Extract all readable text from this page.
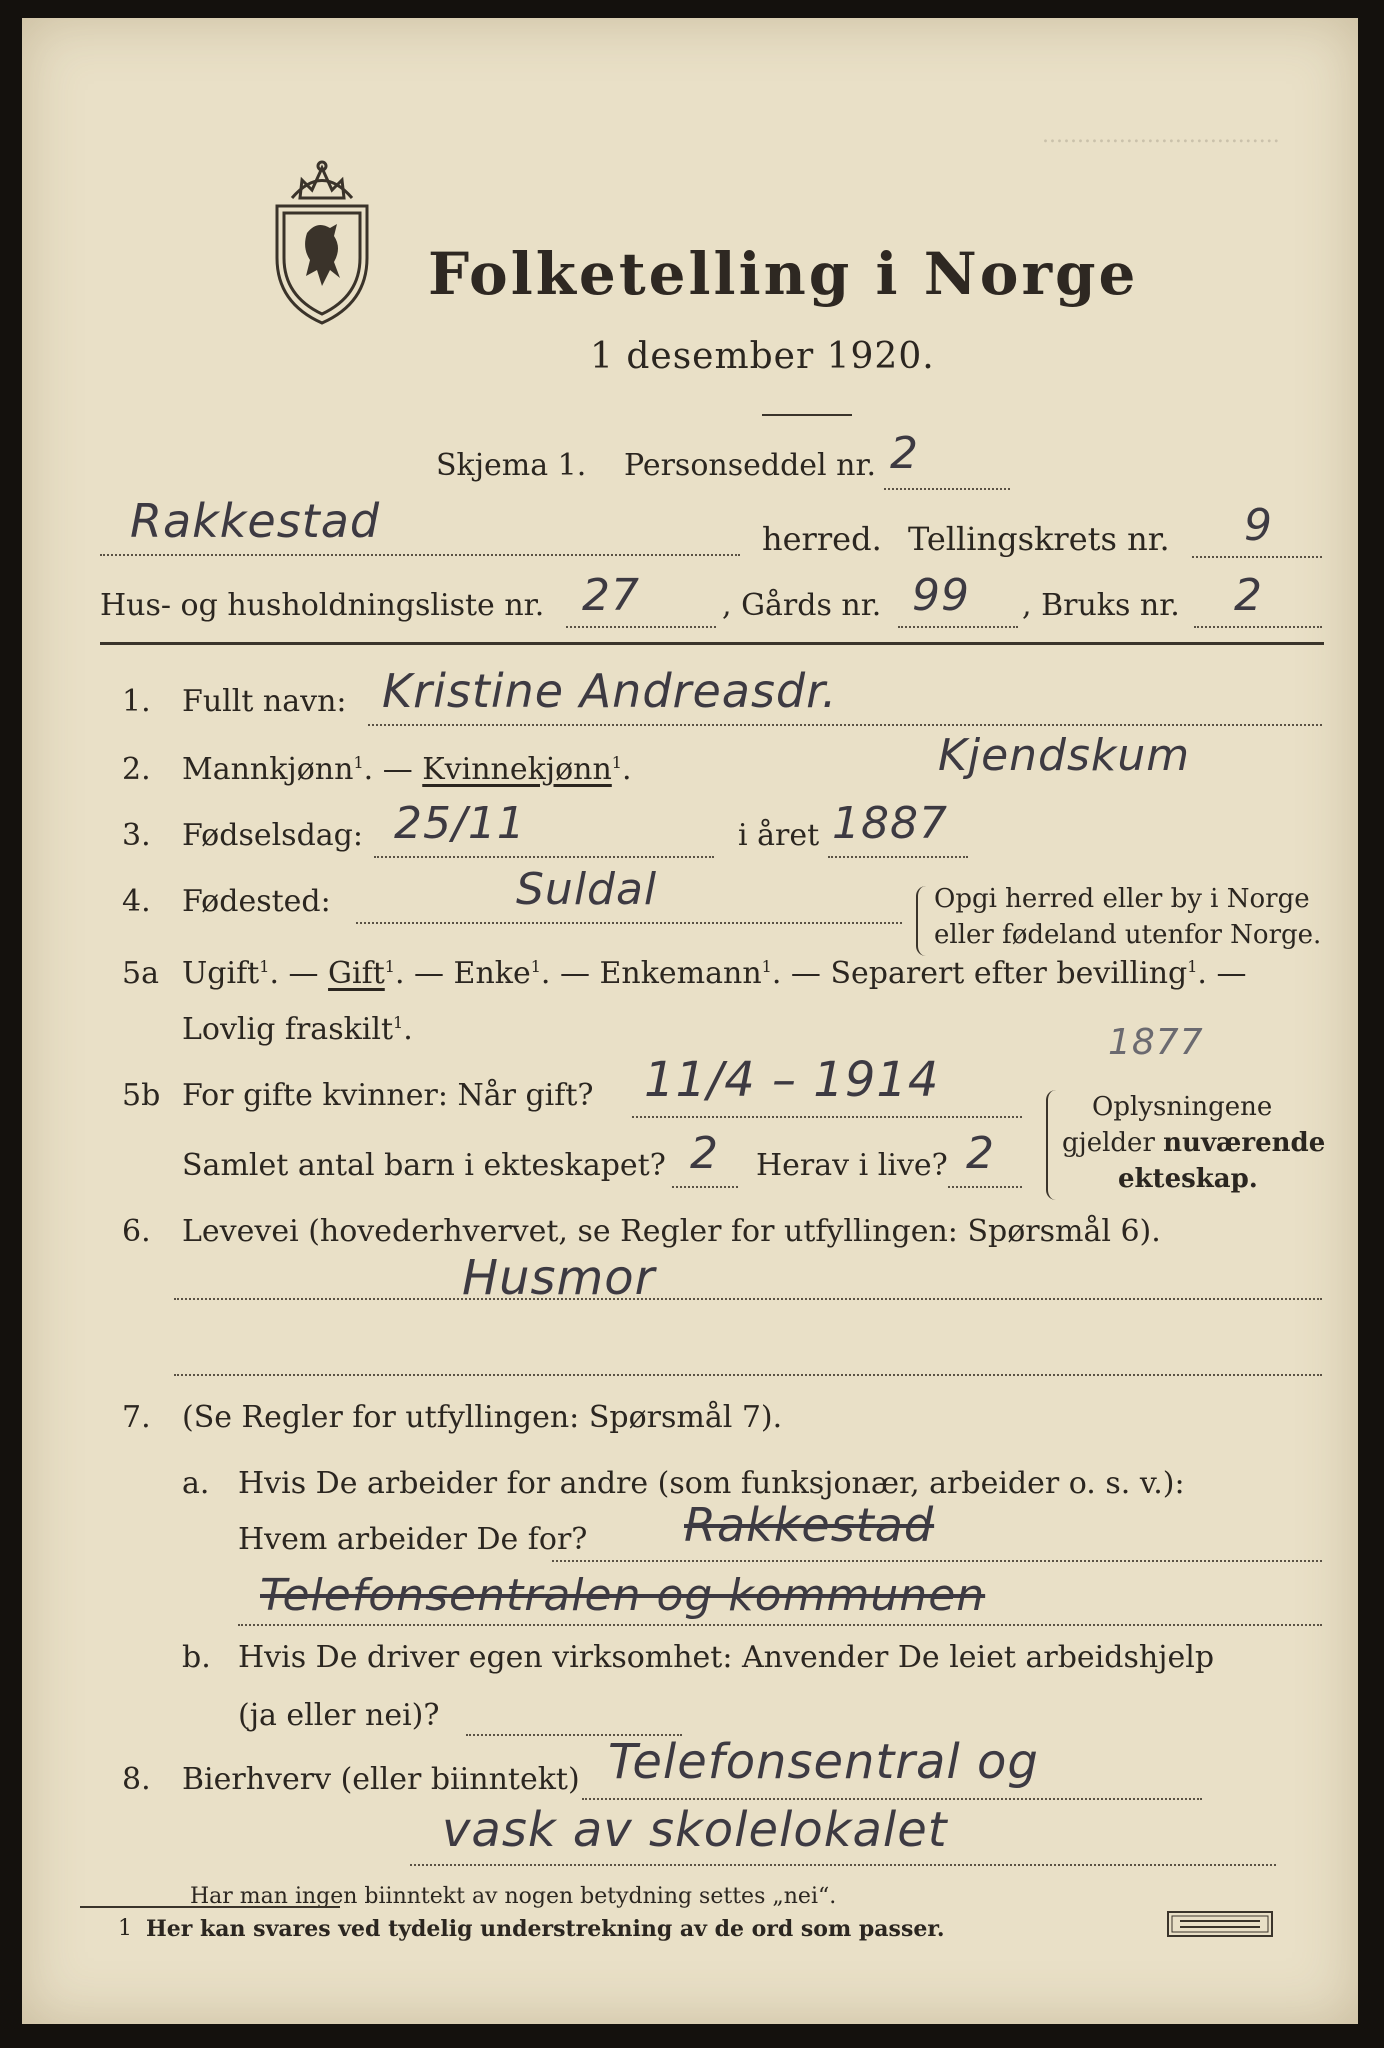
..................................
Folketelling i Norge
1 desember 1920.
Skjema 1. Personseddel nr. 2
Rakkestad	herred. Tellingskrets nr. 9
Hus- og husholdningsliste nr. 27	, Gårds nr. 99 , Bruks nr. 2
1. Fullt navn: Kristine Andreasdr.
2. Mannkjønn$^1$. — Kvinnekjønn$^1$.	Kjendskum
3. Fødselsdag: 25/11	i året 1887
4. Fødested:	Suldal	Opgi herred eller by i Norge
eller fødeland utenfor Norge.
5a Ugift$^1$. — Gift$^1$. — Enke$^1$. — Enkemann$^1$. — Separert efter bevilling$^1$. —
Lovlig fraskilt$^1$.	1877
5b For gifte kvinner: Når gift? 11/4 – 1914
Samlet antal barn i ekteskapet? 2 Herav i live? 2
Oplysningene
gjelder nuværende
ekteskap.
6. Levevei (hovederhvervet, se Regler for utfyllingen: Spørsmål 6).
Husmor
7. (Se Regler for utfyllingen: Spørsmål 7).
a. Hvis De arbeider for andre (som funksjonær, arbeider o. s. v.):
Hvem arbeider De for? Rakkestad
Telefonsentralen og kommunen
b. Hvis De driver egen virksomhet: Anvender De leiet arbeidshjelp
(ja eller nei)?
8. Bierhverv (eller biinntekt) Telefonsentral og
vask av skolelokalet
Har man ingen biinntekt av nogen betydning settes „nei“.
1 Her kan svares ved tydelig understrekning av de ord som passer.
